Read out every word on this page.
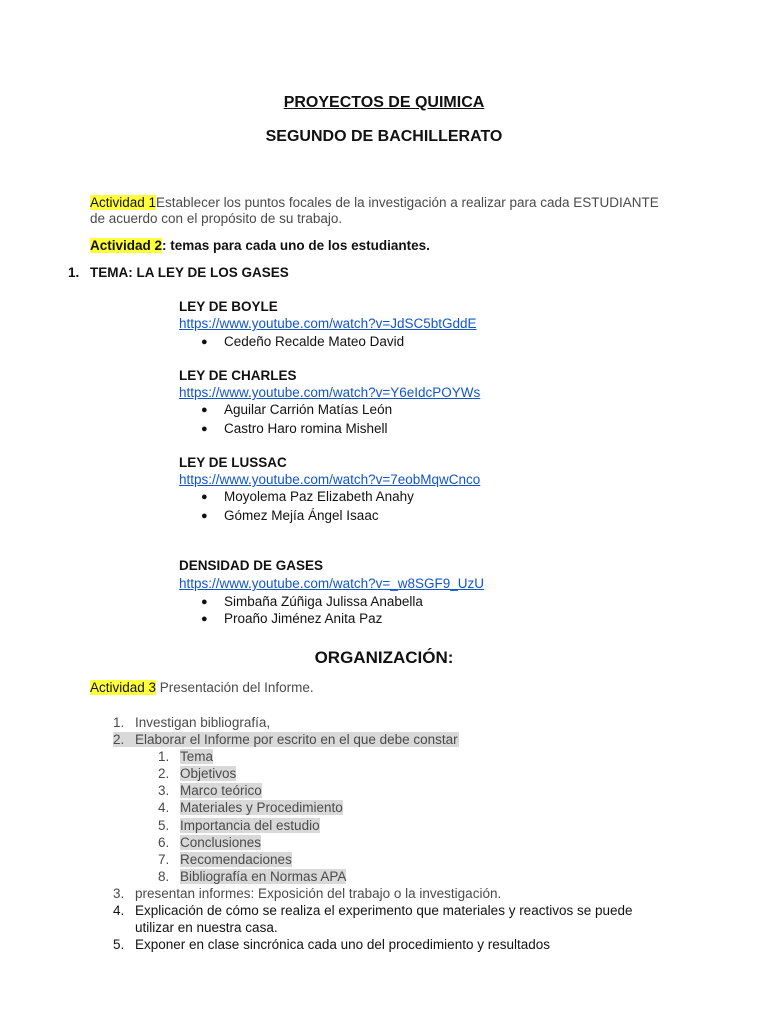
PROYECTOS DE QUIMICA
SEGUNDO DE BACHILLERATO
Actividad 1Establecer los puntos focales de la investigación a realizar para cada ESTUDIANTE
de acuerdo con el propósito de su trabajo.
Actividad 2: temas para cada uno de los estudiantes.
1. TEMA: LA LEY DE LOS GASES
LEY DE BOYLE
https://www.youtube.com/watch?v=JdSC5btGddE
● Cedeño Recalde Mateo David
LEY DE CHARLES
https://www.youtube.com/watch?v=Y6eIdcPOYWs
● Aguilar Carrión Matías León
● Castro Haro romina Mishell
LEY DE LUSSAC
https://www.youtube.com/watch?v=7eobMqwCnco
● Moyolema Paz Elizabeth Anahy
● Gómez Mejía Ángel Isaac
DENSIDAD DE GASES
https://www.youtube.com/watch?v=_w8SGF9_UzU
● Simbaña Zúñiga Julissa Anabella
● Proaño Jiménez Anita Paz
ORGANIZACIÓN:
Actividad 3 Presentación del Informe.
1. Investigan bibliografía,
2. Elaborar el Informe por escrito en el que debe constar
1. Tema
2. Objetivos
3. Marco teórico
4. Materiales y Procedimiento
5. Importancia del estudio
6. Conclusiones
7. Recomendaciones
8. Bibliografía en Normas APA
3. presentan informes: Exposición del trabajo o la investigación.
4. Explicación de cómo se realiza el experimento que materiales y reactivos se puede
utilizar en nuestra casa.
5. Exponer en clase sincrónica cada uno del procedimiento y resultados
